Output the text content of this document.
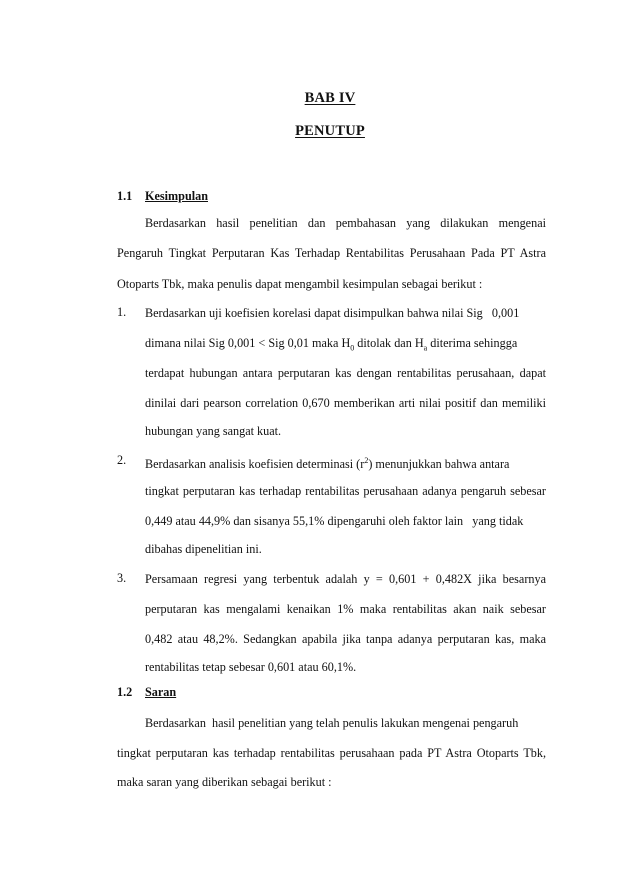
BAB IV
PENUTUP
1.1 Kesimpulan
Berdasarkan hasil penelitian dan pembahasan yang dilakukan mengenai
Pengaruh Tingkat Perputaran Kas Terhadap Rentabilitas Perusahaan Pada PT Astra
Otoparts Tbk, maka penulis dapat mengambil kesimpulan sebagai berikut :
1. Berdasarkan uji koefisien korelasi dapat disimpulkan bahwa nilai Sig   0,001
dimana nilai Sig 0,001 < Sig 0,01 maka $H_0$ ditolak dan $H_a$ diterima sehingga
terdapat hubungan antara perputaran kas dengan rentabilitas perusahaan, dapat
dinilai dari pearson correlation 0,670 memberikan arti nilai positif dan memiliki
hubungan yang sangat kuat.
2. Berdasarkan analisis koefisien determinasi $(r^2)$ menunjukkan bahwa antara
tingkat perputaran kas terhadap rentabilitas perusahaan adanya pengaruh sebesar
0,449 atau 44,9% dan sisanya 55,1% dipengaruhi oleh faktor lain   yang tidak
dibahas dipenelitian ini.
3. Persamaan regresi yang terbentuk adalah y = 0,601 + 0,482X jika besarnya
perputaran kas mengalami kenaikan 1% maka rentabilitas akan naik sebesar
0,482 atau 48,2%. Sedangkan apabila jika tanpa adanya perputaran kas, maka
rentabilitas tetap sebesar 0,601 atau 60,1%.
1.2 Saran
Berdasarkan  hasil penelitian yang telah penulis lakukan mengenai pengaruh
tingkat perputaran kas terhadap rentabilitas perusahaan pada PT Astra Otoparts Tbk,
maka saran yang diberikan sebagai berikut :
